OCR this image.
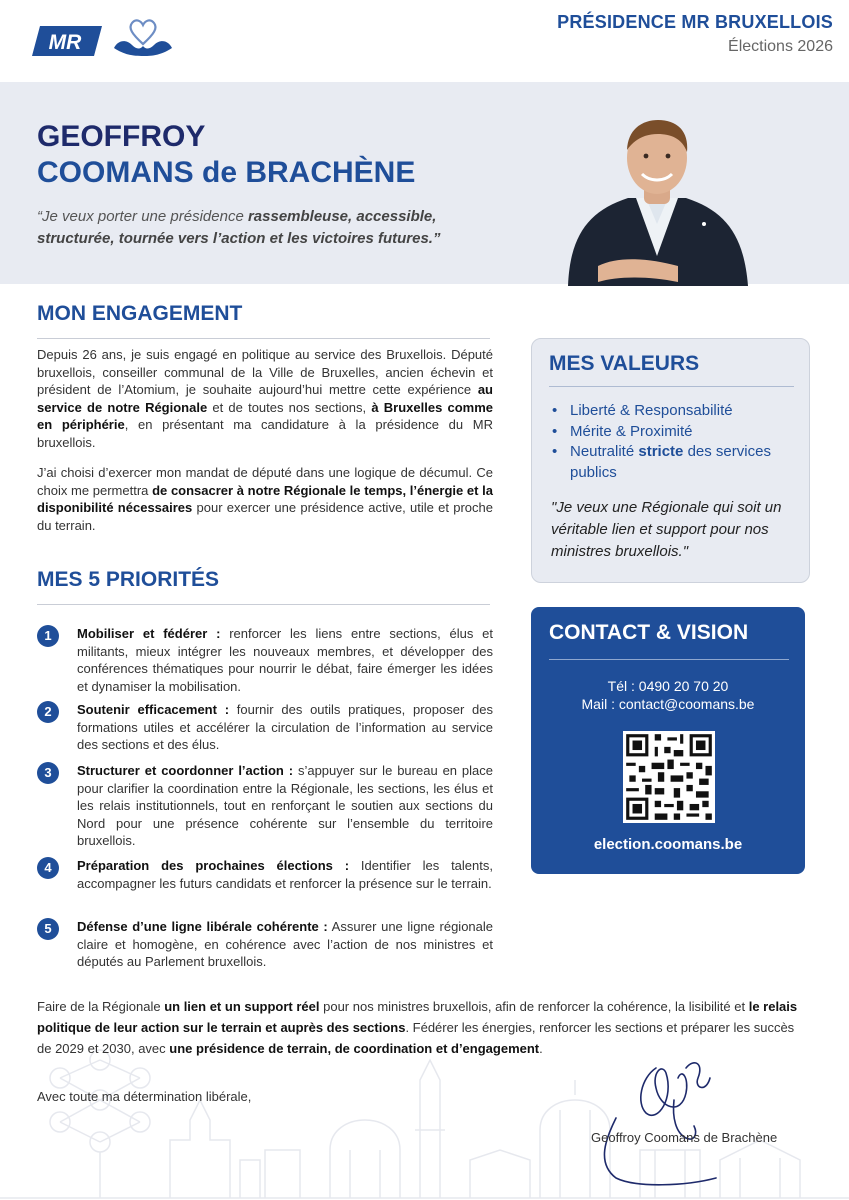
MR
PRÉSIDENCE MR BRUXELLOIS
Élections 2026
GEOFFROY
COOMANS de BRACHÈNE
“Je veux porter une présidence rassembleuse, accessible, structurée, tournée vers l’action et les victoires futures.”
MON ENGAGEMENT
Depuis 26 ans, je suis engagé en politique au service des Bruxellois. Député bruxellois, conseiller communal de la Ville de Bruxelles, ancien échevin et président de l’Atomium, je souhaite aujourd’hui mettre cette expérience au service de notre Régionale et de toutes nos sections, à Bruxelles comme en périphérie, en présentant ma candidature à la présidence du MR bruxellois.
J’ai choisi d’exercer mon mandat de député dans une logique de décumul. Ce choix me permettra de consacrer à notre Régionale le temps, l’énergie et la disponibilité nécessaires pour exercer une présidence active, utile et proche du terrain.
MES 5 PRIORITÉS
1	Mobiliser et fédérer : renforcer les liens entre sections, élus et militants, mieux intégrer les nouveaux membres, et développer des conférences thématiques pour nourrir le débat, faire émerger les idées et dynamiser la mobilisation.
2	Soutenir efficacement : fournir des outils pratiques, proposer des formations utiles et accélérer la circulation de l’information au service des sections et des élus.
3	Structurer et coordonner l’action : s’appuyer sur le bureau en place pour clarifier la coordination entre la Régionale, les sections, les élus et les relais institutionnels, tout en renforçant le soutien aux sections du Nord pour une présence cohérente sur l’ensemble du territoire bruxellois.
4	Préparation des prochaines élections : Identifier les talents, accompagner les futurs candidats et renforcer la présence sur le terrain.
5	Défense d’une ligne libérale cohérente : Assurer une ligne régionale claire et homogène, en cohérence avec l’action de nos ministres et députés au Parlement bruxellois.
MES VALEURS
• Liberté & Responsabilité
• Mérite & Proximité
• Neutralité stricte des services publics
"Je veux une Régionale qui soit un véritable lien et support pour nos ministres bruxellois."
CONTACT & VISION
Tél : 0490 20 70 20
Mail : contact@coomans.be
election.coomans.be
Faire de la Régionale un lien et un support réel pour nos ministres bruxellois, afin de renforcer la cohérence, la lisibilité et le relais politique de leur action sur le terrain et auprès des sections. Fédérer les énergies, renforcer les sections et préparer les succès de 2029 et 2030, avec une présidence de terrain, de coordination et d’engagement.
Avec toute ma détermination libérale,
Geoffroy Coomans de Brachène
